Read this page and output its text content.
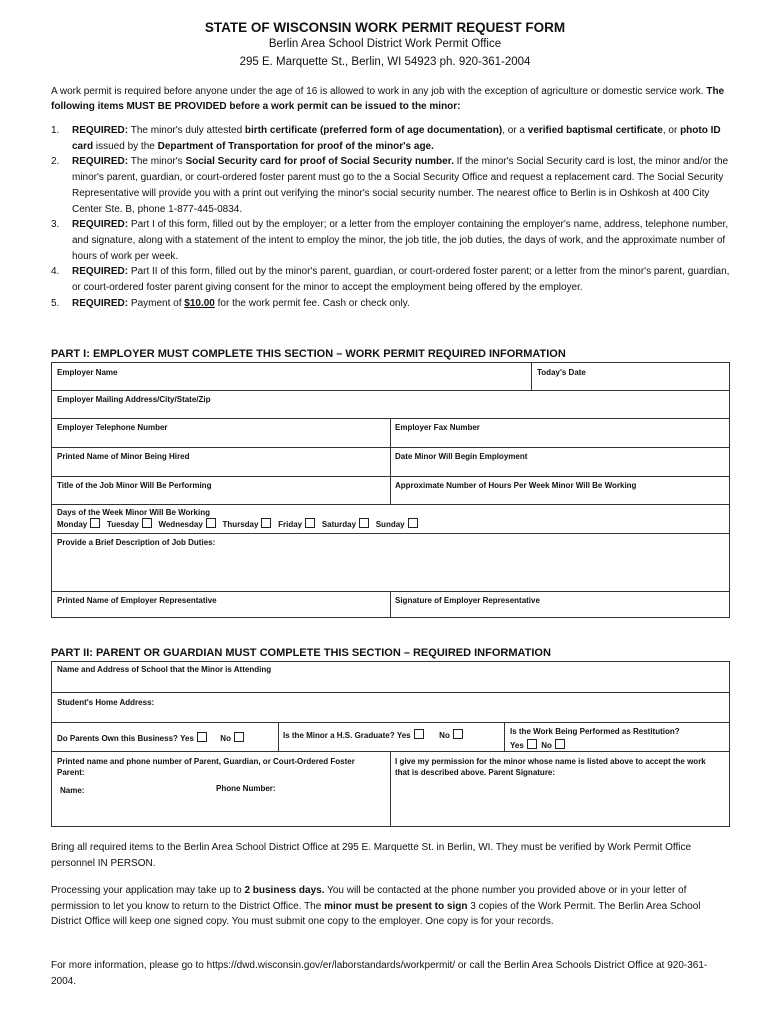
STATE OF WISCONSIN WORK PERMIT REQUEST FORM
Berlin Area School District Work Permit Office
295 E. Marquette St., Berlin, WI 54923 ph. 920-361-2004
A work permit is required before anyone under the age of 16 is allowed to work in any job with the exception of agriculture or domestic service work. The following items MUST BE PROVIDED before a work permit can be issued to the minor:
1. REQUIRED: The minor's duly attested birth certificate (preferred form of age documentation), or a verified baptismal certificate, or photo ID card issued by the Department of Transportation for proof of the minor's age.
2. REQUIRED: The minor's Social Security card for proof of Social Security number. If the minor's Social Security card is lost, the minor and/or the minor's parent, guardian, or court-ordered foster parent must go to the a Social Security Office and request a replacement card. The Social Security Representative will provide you with a print out verifying the minor's social security number. The nearest office to Berlin is in Oshkosh at 400 City Center Ste. B, phone 1-877-445-0834.
3. REQUIRED: Part I of this form, filled out by the employer; or a letter from the employer containing the employer's name, address, telephone number, and signature, along with a statement of the intent to employ the minor, the job title, the job duties, the days of work, and the approximate number of hours of work per week.
4. REQUIRED: Part II of this form, filled out by the minor's parent, guardian, or court-ordered foster parent; or a letter from the minor's parent, guardian, or court-ordered foster parent giving consent for the minor to accept the employment being offered by the employer.
5. REQUIRED: Payment of $10.00 for the work permit fee. Cash or check only.
PART I: EMPLOYER MUST COMPLETE THIS SECTION – WORK PERMIT REQUIRED INFORMATION
Employer Name	Today's Date
Employer Mailing Address/City/State/Zip
Employer Telephone Number	Employer Fax Number
Printed Name of Minor Being Hired	Date Minor Will Begin Employment
Title of the Job Minor Will Be Performing	Approximate Number of Hours Per Week Minor Will Be Working
Days of the Week Minor Will Be Working
Monday Tuesday Wednesday Thursday Friday Saturday Sunday
Provide a Brief Description of Job Duties:
Printed Name of Employer Representative	Signature of Employer Representative
PART II: PARENT OR GUARDIAN MUST COMPLETE THIS SECTION – REQUIRED INFORMATION
Name and Address of School that the Minor is Attending
Student's Home Address:
Do Parents Own this Business? Yes	No	Is the Minor a H.S. Graduate? Yes	No	Is the Work Being Performed as Restitution?
Yes No
Printed name and phone number of Parent, Guardian, or Court-Ordered Foster Parent:
Name:	Phone Number:
I give my permission for the minor whose name is listed above to accept the work that is described above. Parent Signature:
Bring all required items to the Berlin Area School District Office at 295 E. Marquette St. in Berlin, WI. They must be verified by Work Permit Office personnel IN PERSON.
Processing your application may take up to 2 business days. You will be contacted at the phone number you provided above or in your letter of permission to let you know to return to the District Office. The minor must be present to sign 3 copies of the Work Permit. The Berlin Area School District Office will keep one signed copy. You must submit one copy to the employer. One copy is for your records.
For more information, please go to https://dwd.wisconsin.gov/er/laborstandards/workpermit/ or call the Berlin Area Schools District Office at 920-361-2004.
